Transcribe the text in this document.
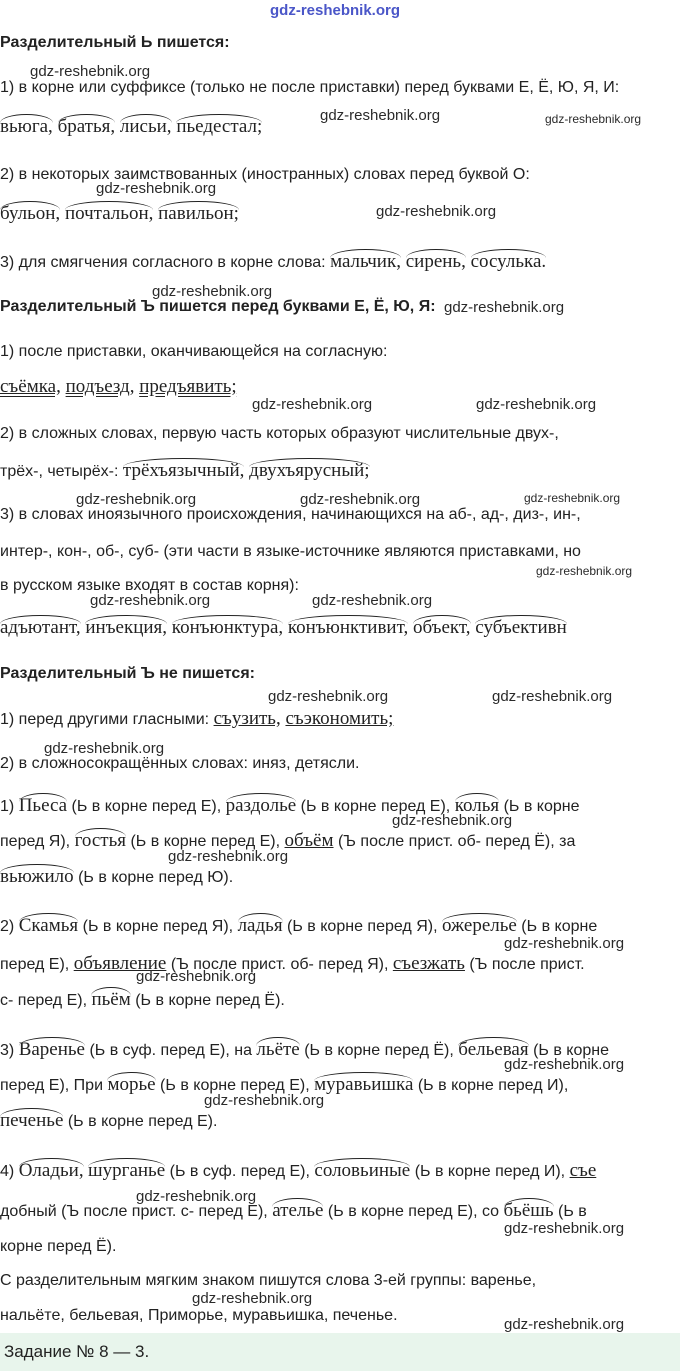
gdz-reshebnik.org
Разделительный Ь пишется:
1) в корне или суффиксе (только не после приставки) перед буквами Е, Ё, Ю, Я, И:
вьюга, братья, лисьи, пьедестал;
2) в некоторых заимствованных (иностранных) словах перед буквой О:
бульон, почтальон, павильон;
3) для смягчения согласного в корне слова: мальчик, сирень, сосулька.
Разделительный Ъ пишется перед буквами Е, Ё, Ю, Я:
1) после приставки, оканчивающейся на согласную:
съёмка, подъезд, предъявить;
2) в сложных словах, первую часть которых образуют числительные двух-,
трёх-, четырёх-: трёхъязычный, двухъярусный;
3) в словах иноязычного происхождения, начинающихся на аб-, ад-, диз-, ин-,
интер-, кон-, об-, суб- (эти части в языке-источнике являются приставками, но
в русском языке входят в состав корня):
адъютант, инъекция, конъюнктура, конъюнктивит, объект, субъективн
Разделительный Ъ не пишется:
1) перед другими гласными: съузить, съэкономить;
2) в сложносокращённых словах: иняз, детясли.
1) Пьеса (Ь в корне перед Е), раздолье (Ь в корне перед Е), колья (Ь в корне
перед Я), гостья (Ь в корне перед Е), объём (Ъ после прист. об- перед Ё), за
вьюжило (Ь в корне перед Ю).
2) Скамья (Ь в корне перед Я), ладья (Ь в корне перед Я), ожерелье (Ь в корне
перед Е), объявление (Ъ после прист. об- перед Я), съезжать (Ъ после прист.
с- перед Е), пьём (Ь в корне перед Ё).
3) Варенье (Ь в суф. перед Е), на льёте (Ь в корне перед Ё), бельевая (Ь в корне
перед Е), При морье (Ь в корне перед Е), муравьишка (Ь в корне перед И),
печенье (Ь в корне перед Е).
4) Оладьи, шурганье (Ь в суф. перед Е), соловьиные (Ь в корне перед И), съе
добный (Ъ после прист. с- перед Е), ателье (Ь в корне перед Е), со бьёшь (Ь в
корне перед Ё).
С разделительным мягким знаком пишутся слова 3-ей группы: варенье,
нальёте, бельевая, Приморье, муравьишка, печенье.
gdz-reshebnik.org
gdz-reshebnik.org	gdz-reshebnik.org
gdz-reshebnik.org
gdz-reshebnik.org
gdz-reshebnik.org
gdz-reshebnik.org
gdz-reshebnik.org	gdz-reshebnik.org
gdz-reshebnik.org	gdz-reshebnik.org	gdz-reshebnik.org
gdz-reshebnik.org
gdz-reshebnik.org	gdz-reshebnik.org
gdz-reshebnik.org	gdz-reshebnik.org
gdz-reshebnik.org
gdz-reshebnik.org
gdz-reshebnik.org
gdz-reshebnik.org
gdz-reshebnik.org
gdz-reshebnik.org
gdz-reshebnik.org
gdz-reshebnik.org
gdz-reshebnik.org
gdz-reshebnik.org
gdz-reshebnik.org
Задание № 8 — 3.
